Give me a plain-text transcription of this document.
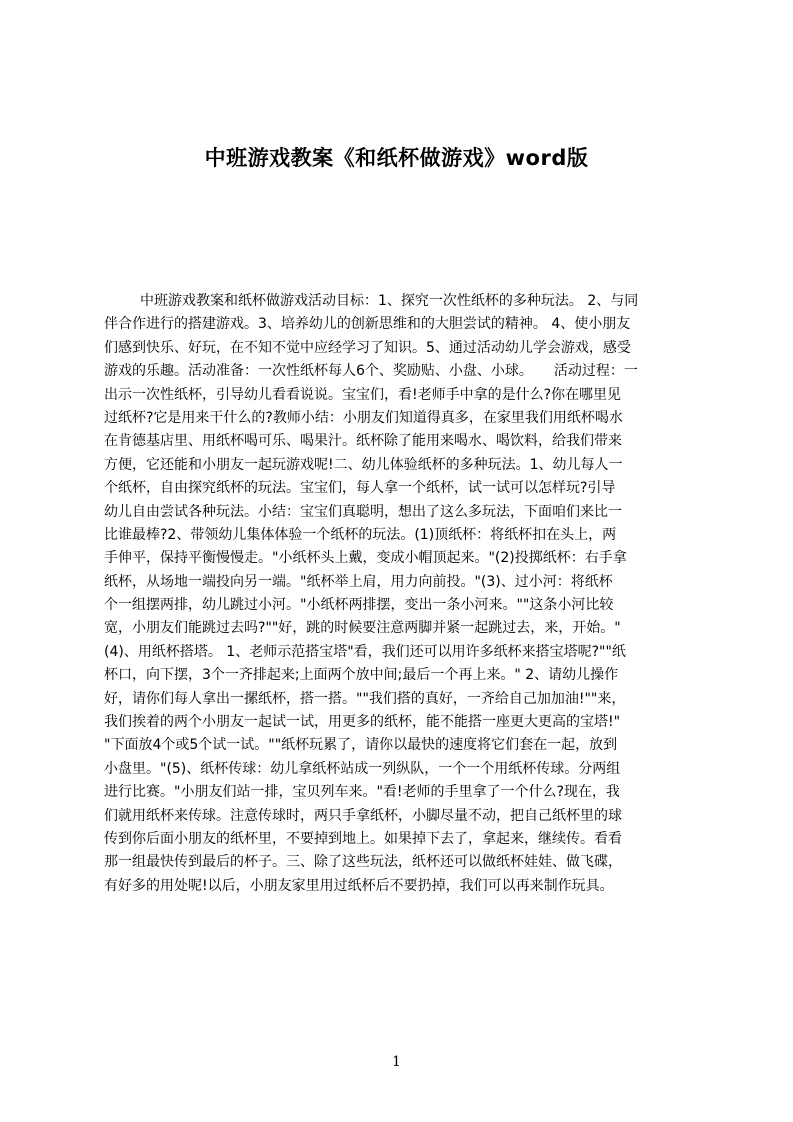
中班游戏教案《和纸杯做游戏》word版
中班游戏教案和纸杯做游戏活动目标：1、探究一次性纸杯的多种玩法。 2、与同
伴合作进行的搭建游戏。3、培养幼儿的创新思维和的大胆尝试的精神。 4、使小朋友
们感到快乐、好玩，在不知不觉中应经学习了知识。5、通过活动幼儿学会游戏，感受
游戏的乐趣。活动准备：一次性纸杯每人6个、奖励贴、小盘、小球。　　活动过程：一
出示一次性纸杯，引导幼儿看看说说。宝宝们，看!老师手中拿的是什么?你在哪里见
过纸杯?它是用来干什么的?教师小结：小朋友们知道得真多，在家里我们用纸杯喝水
在肯德基店里、用纸杯喝可乐、喝果汁。纸杯除了能用来喝水、喝饮料，给我们带来
方便，它还能和小朋友一起玩游戏呢!二、幼儿体验纸杯的多种玩法。1、幼儿每人一
个纸杯，自由探究纸杯的玩法。宝宝们，每人拿一个纸杯，试一试可以怎样玩?引导
幼儿自由尝试各种玩法。小结：宝宝们真聪明，想出了这么多玩法，下面咱们来比一
比谁最棒?2、带领幼儿集体体验一个纸杯的玩法。(1)顶纸杯：将纸杯扣在头上，两
手伸平，保持平衡慢慢走。"小纸杯头上戴，变成小帽顶起来。"(2)投掷纸杯：右手拿
纸杯，从场地一端投向另一端。"纸杯举上肩，用力向前投。"(3)、过小河：将纸杯
个一组摆两排，幼儿跳过小河。"小纸杯两排摆，变出一条小河来。""这条小河比较
宽，小朋友们能跳过去吗?""好，跳的时候要注意两脚并紧一起跳过去，来，开始。"
(4)、用纸杯搭塔。 1、老师示范搭宝塔"看，我们还可以用许多纸杯来搭宝塔呢?""纸
杯口，向下摆，3个一齐排起来;上面两个放中间;最后一个再上来。" 2、请幼儿操作
好，请你们每人拿出一摞纸杯，搭一搭。""我们搭的真好，一齐给自己加加油!""来，
我们挨着的两个小朋友一起试一试，用更多的纸杯，能不能搭一座更大更高的宝塔!"
"下面放4个或5个试一试。""纸杯玩累了，请你以最快的速度将它们套在一起，放到
小盘里。"(5)、纸杯传球：幼儿拿纸杯站成一列纵队，一个一个用纸杯传球。分两组
进行比赛。"小朋友们站一排，宝贝列车来。"看!老师的手里拿了一个什么?现在，我
们就用纸杯来传球。注意传球时，两只手拿纸杯，小脚尽量不动，把自己纸杯里的球
传到你后面小朋友的纸杯里，不要掉到地上。如果掉下去了，拿起来，继续传。看看
那一组最快传到最后的杯子。三、除了这些玩法，纸杯还可以做纸杯娃娃、做飞碟，
有好多的用处呢!以后，小朋友家里用过纸杯后不要扔掉，我们可以再来制作玩具。
1
